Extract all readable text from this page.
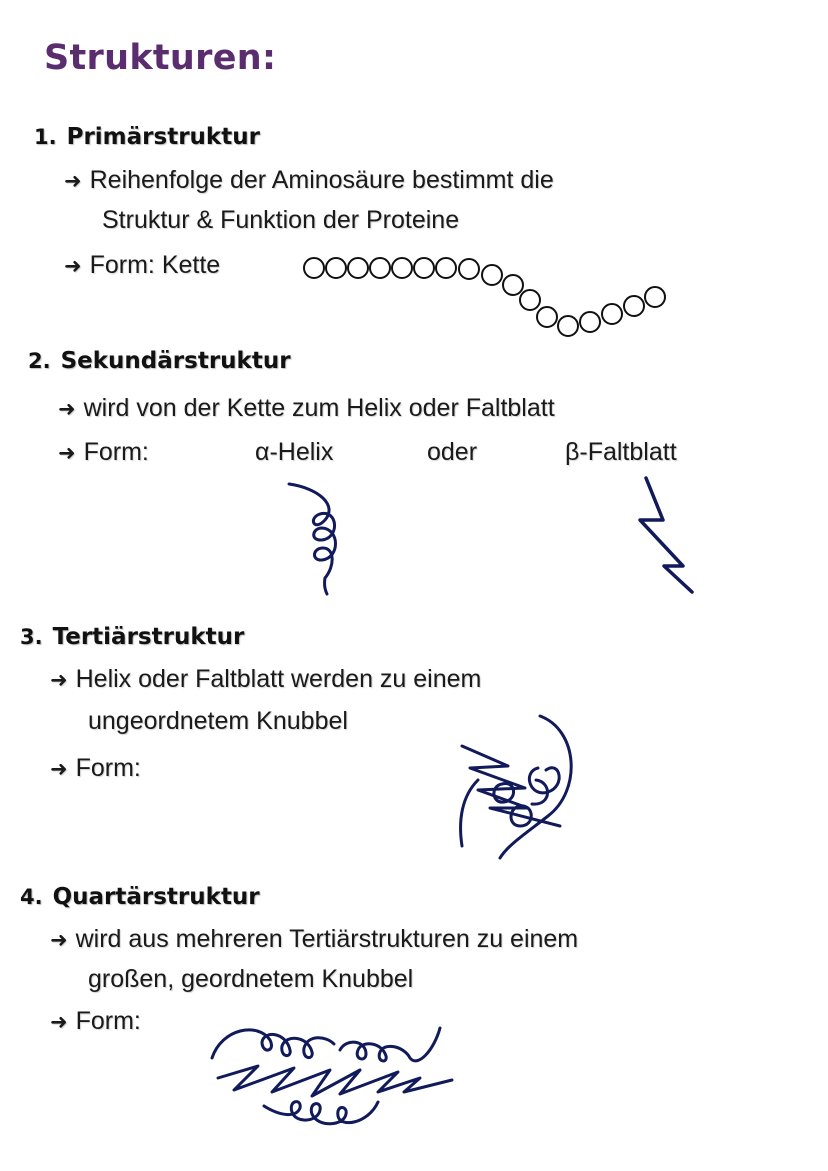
Strukturen:
1. Primärstruktur
➜ Reihenfolge der Aminosäure bestimmt die
Struktur & Funktion der Proteine
➜ Form: Kette
2. Sekundärstruktur
➜ wird von der Kette zum Helix oder Faltblatt
➜ Form:	α-Helix	oder	β-Faltblatt
3. Tertiärstruktur
➜ Helix oder Faltblatt werden zu einem
ungeordnetem Knubbel
➜ Form:
4. Quartärstruktur
➜ wird aus mehreren Tertiärstrukturen zu einem
großen, geordnetem Knubbel
➜ Form:
